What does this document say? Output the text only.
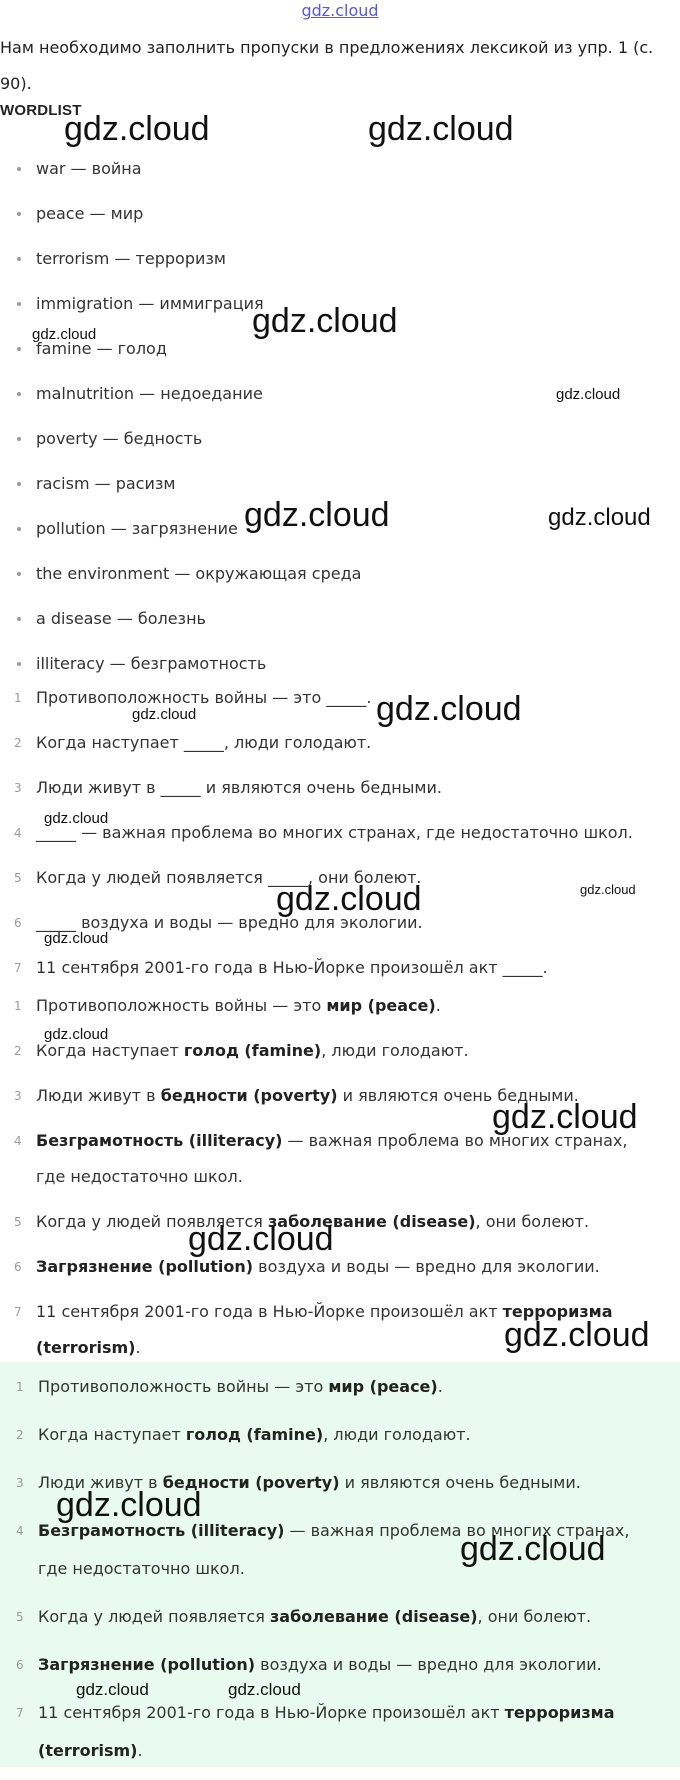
gdz.cloud
Нам необходимо заполнить пропуски в предложениях лексикой из упр. 1 (с. 90).
WORDLIST
war — война
peace — мир
terrorism — терроризм
immigration — иммиграция
famine — голод
malnutrition — недоедание
poverty — бедность
racism — расизм
pollution — загрязнение
the environment — окружающая среда
a disease — болезнь
illiteracy — безграмотность
1 Противоположность войны — это _____.
2 Когда наступает _____, люди голодают.
3 Люди живут в _____ и являются очень бедными.
4 _____ — важная проблема во многих странах, где недостаточно школ.
5 Когда у людей появляется _____, они болеют.
6 _____ воздуха и воды — вредно для экологии.
7 11 сентября 2001-го года в Нью-Йорке произошёл акт _____.
1 Противоположность войны — это мир (peace).
2 Когда наступает голод (famine), люди голодают.
3 Люди живут в бедности (poverty) и являются очень бедными.
4 Безграмотность (illiteracy) — важная проблема во многих странах, где недостаточно школ.
5 Когда у людей появляется заболевание (disease), они болеют.
6 Загрязнение (pollution) воздуха и воды — вредно для экологии.
7 11 сентября 2001-го года в Нью-Йорке произошёл акт терроризма (terrorism).
1 Противоположность войны — это мир (peace).
2 Когда наступает голод (famine), люди голодают.
3 Люди живут в бедности (poverty) и являются очень бедными.
4 Безграмотность (illiteracy) — важная проблема во многих странах, где недостаточно школ.
5 Когда у людей появляется заболевание (disease), они болеют.
6 Загрязнение (pollution) воздуха и воды — вредно для экологии.
7 11 сентября 2001-го года в Нью-Йорке произошёл акт терроризма (terrorism).
gdz.cloud	gdz.cloud
gdz.cloud
gdz.cloud
gdz.cloud
gdz.cloud	gdz.cloud
gdz.cloud
gdz.cloud
gdz.cloud
gdz.cloud	gdz.cloud
gdz.cloud
gdz.cloud
gdz.cloud
gdz.cloud
gdz.cloud
gdz.cloud
gdz.cloud
gdz.cloud	gdz.cloud
